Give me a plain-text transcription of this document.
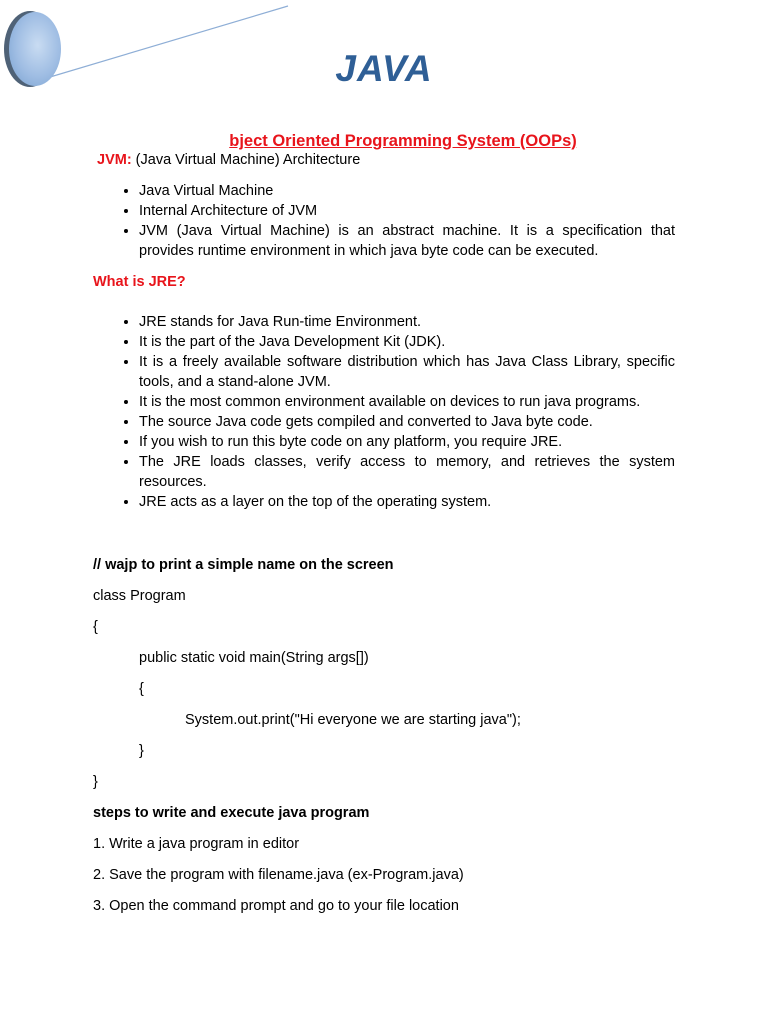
JAVA
bject Oriented Programming System (OOPs)
JVM: (Java Virtual Machine) Architecture
• Java Virtual Machine
• Internal Architecture of JVM
• JVM (Java Virtual Machine) is an abstract machine. It is a specification that provides runtime environment in which java byte code can be executed.
What is JRE?
• JRE stands for Java Run-time Environment.
• It is the part of the Java Development Kit (JDK).
• It is a freely available software distribution which has Java Class Library, specific tools, and a stand-alone JVM.
• It is the most common environment available on devices to run java programs.
• The source Java code gets compiled and converted to Java byte code.
• If you wish to run this byte code on any platform, you require JRE.
• The JRE loads classes, verify access to memory, and retrieves the system resources.
• JRE acts as a layer on the top of the operating system.
// wajp to print a simple name on the screen
class Program
{
public static void main(String args[])
{
System.out.print("Hi everyone we are starting java");
}
}
steps to write and execute java program
1. Write a java program in editor
2. Save the program with filename.java (ex-Program.java)
3. Open the command prompt and go to your file location
